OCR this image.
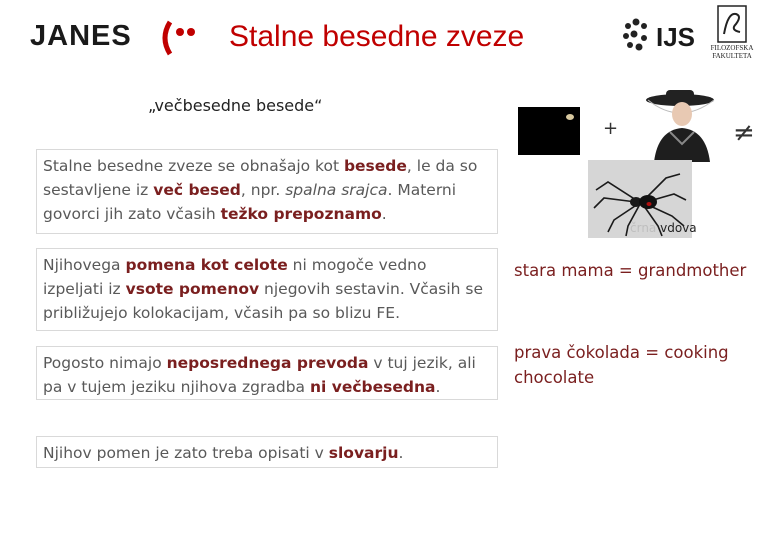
JANES	Stalne besedne zveze	IJS	FILOZOFSKA FAKULTETA
„večbesedne besede“
Stalne besedne zveze se obnašajo kot besede, le da so sestavljene iz več besed, npr. spalna srajca. Materni govorci jih zato včasih težko prepoznamo.
Njihovega pomena kot celote ni mogoče vedno izpeljati iz vsote pomenov njegovih sestavin. Včasih se približujejo kolokacijam, včasih pa so blizu FE.
Pogosto nimajo neposrednega prevoda v tuj jezik, ali pa v tujem jeziku njihova zgradba ni večbesedna.
Njihov pomen je zato treba opisati v slovarju.
+	≠
črna vdova
stara mama = grandmother
prava čokolada = cooking chocolate
